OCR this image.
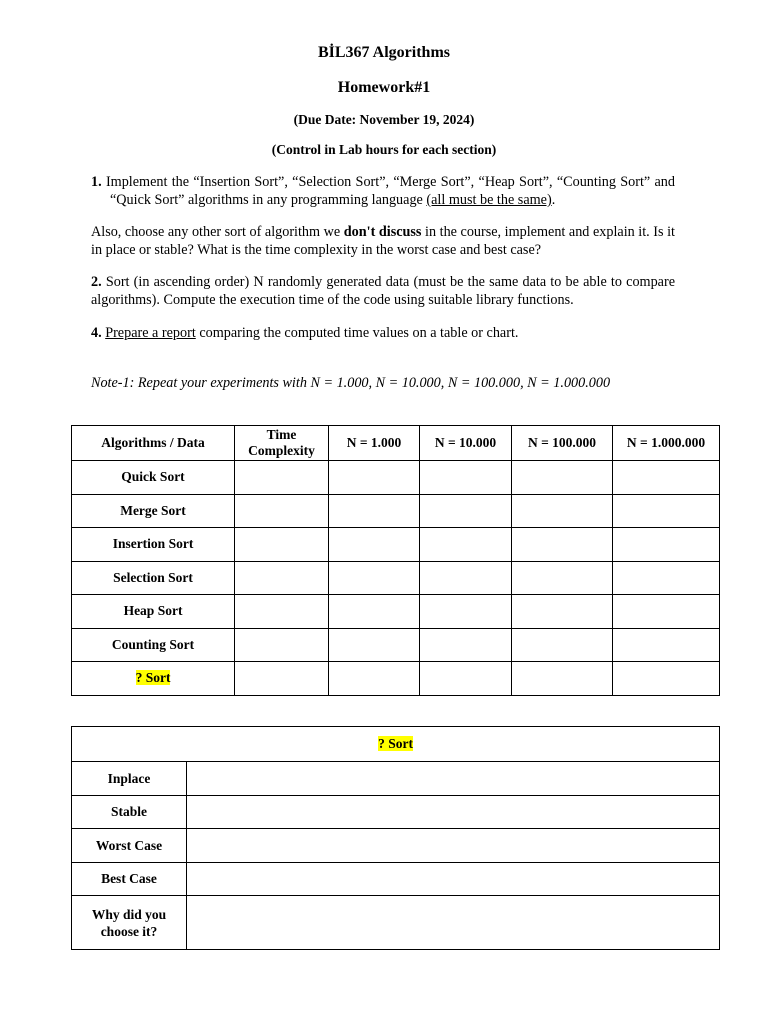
BİL367 Algorithms
Homework#1
(Due Date: November 19, 2024)
(Control in Lab hours for each section)
1. Implement the “Insertion Sort”, “Selection Sort”, “Merge Sort”, “Heap Sort”, “Counting Sort” and “Quick Sort” algorithms in any programming language (all must be the same).
Also, choose any other sort of algorithm we don't discuss in the course, implement and explain it. Is it in place or stable? What is the time complexity in the worst case and best case?
2. Sort (in ascending order) N randomly generated data (must be the same data to be able to compare algorithms). Compute the execution time of the code using suitable library functions.
4. Prepare a report comparing the computed time values on a table or chart.
Note-1: Repeat your experiments with N = 1.000, N = 10.000, N = 100.000, N = 1.000.000
Algorithms / Data	Time Complexity	N = 1.000	N = 10.000	N = 100.000	N = 1.000.000
Quick Sort					
Merge Sort					
Insertion Sort					
Selection Sort					
Heap Sort					
Counting Sort					
? Sort					
? Sort	
Inplace	
Stable	
Worst Case	
Best Case	
Why did you choose it?	
